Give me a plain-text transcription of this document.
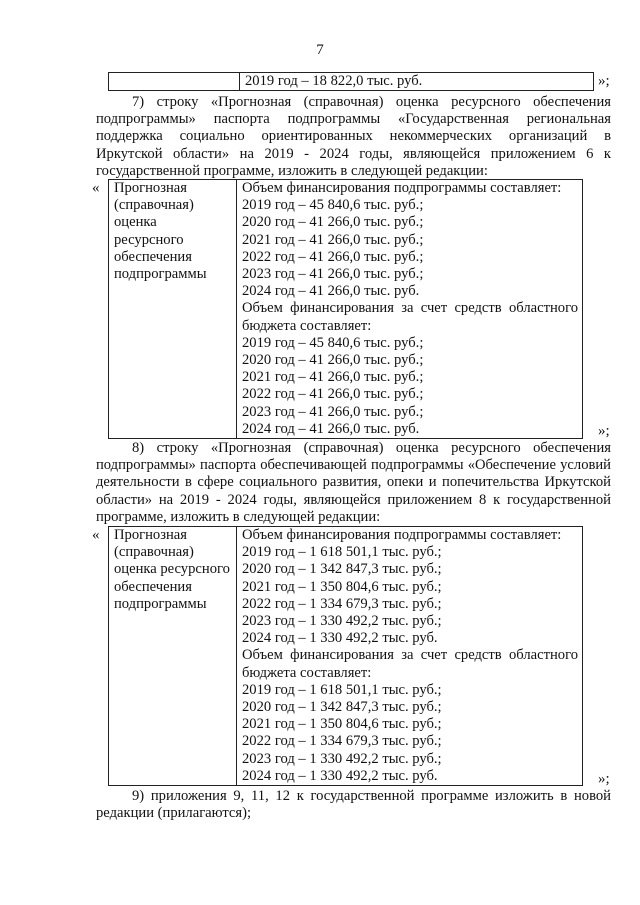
7
	2019 год – 18 822,0 тыс. руб.	»;
7) строку «Прогнозная (справочная) оценка ресурсного обеспечения
подпрограммы» паспорта подпрограммы «Государственная региональная
поддержка социально ориентированных некоммерческих организаций в
Иркутской области» на 2019 - 2024 годы, являющейся приложением 6 к
государственной программе, изложить в следующей редакции:
« Прогнозная
(справочная)
оценка
ресурсного
обеспечения
подпрограммы

Объем финансирования подпрограммы составляет:
2019 год – 45 840,6 тыс. руб.;
2020 год – 41 266,0 тыс. руб.;
2021 год – 41 266,0 тыс. руб.;
2022 год – 41 266,0 тыс. руб.;
2023 год – 41 266,0 тыс. руб.;
2024 год – 41 266,0 тыс. руб.
Объем финансирования за счет средств областного
бюджета составляет:
2019 год – 45 840,6 тыс. руб.;
2020 год – 41 266,0 тыс. руб.;
2021 год – 41 266,0 тыс. руб.;
2022 год – 41 266,0 тыс. руб.;
2023 год – 41 266,0 тыс. руб.;
2024 год – 41 266,0 тыс. руб.	»;
8) строку «Прогнозная (справочная) оценка ресурсного обеспечения
подпрограммы» паспорта обеспечивающей подпрограммы «Обеспечение условий
деятельности в сфере социального развития, опеки и попечительства Иркутской
области» на 2019 - 2024 годы, являющейся приложением 8 к государственной
программе, изложить в следующей редакции:
« Прогнозная
(справочная)
оценка ресурсного
обеспечения
подпрограммы

Объем финансирования подпрограммы составляет:
2019 год – 1 618 501,1 тыс. руб.;
2020 год – 1 342 847,3 тыс. руб.;
2021 год – 1 350 804,6 тыс. руб.;
2022 год – 1 334 679,3 тыс. руб.;
2023 год – 1 330 492,2 тыс. руб.;
2024 год – 1 330 492,2 тыс. руб.
Объем финансирования за счет средств областного
бюджета составляет:
2019 год – 1 618 501,1 тыс. руб.;
2020 год – 1 342 847,3 тыс. руб.;
2021 год – 1 350 804,6 тыс. руб.;
2022 год – 1 334 679,3 тыс. руб.;
2023 год – 1 330 492,2 тыс. руб.;
2024 год – 1 330 492,2 тыс. руб.	»;
9) приложения 9, 11, 12 к государственной программе изложить в новой
редакции (прилагаются);
